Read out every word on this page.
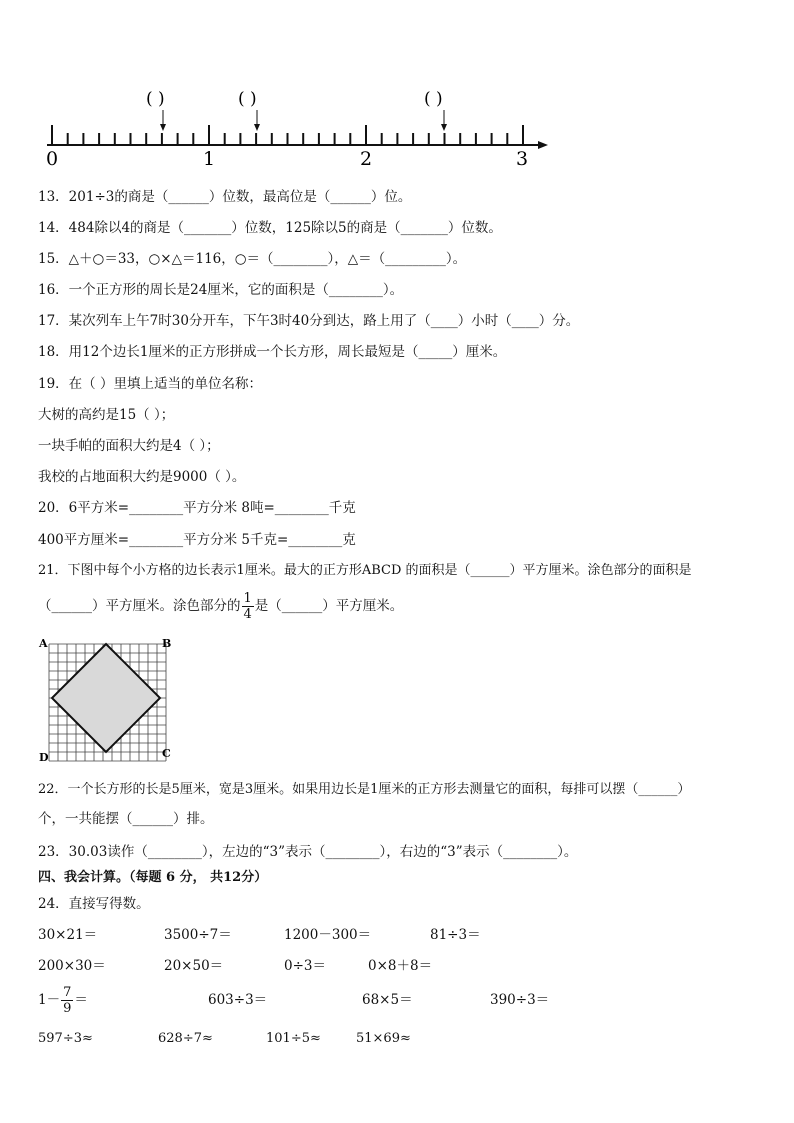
( )	( )	( )
0	1	2	3
13．201÷3的商是（______）位数，最高位是（______）位。
14．484除以4的商是（_______）位数，125除以5的商是（_______）位数。
15．△＋○＝33，○×△＝116，○＝（________），△＝（_________）。
16．一个正方形的周长是24厘米，它的面积是（________）。
17．某次列车上午7时30分开车，下午3时40分到达，路上用了（____）小时（____）分。
18．用12个边长1厘米的正方形拼成一个长方形，周长最短是（_____）厘米。
19．在（ ）里填上适当的单位名称：
大树的高约是15（ ）；
一块手帕的面积大约是4（ ）；
我校的占地面积大约是9000（ ）。
20．6平方米=________平方分米 8吨=________千克
400平方厘米=________平方分米 5千克=________克
21．下图中每个小方格的边长表示1厘米。最大的正方形ABCD 的面积是（______）平方厘米。涂色部分的面积是
（______）平方厘米。涂色部分的 $\frac{1}{4}$ 是（______）平方厘米。
A	B
C
D
22．一个长方形的长是5厘米，宽是3厘米。如果用边长是1厘米的正方形去测量它的面积，每排可以摆（______）
个，一共能摆（______）排。
23．30.03读作（________），左边的“3”表示（________），右边的“3”表示（________）。
四、我会计算。（每题 6 分， 共12分）
24．直接写得数。
30×21＝	3500÷7＝	1200－300＝	81÷3＝
200×30＝	20×50＝	0÷3＝	0×8＋8＝
$1- \frac{7}{9}$ ＝	603÷3＝	68×5＝	390÷3＝
597÷3≈	628÷7≈	101÷5≈	51×69≈
